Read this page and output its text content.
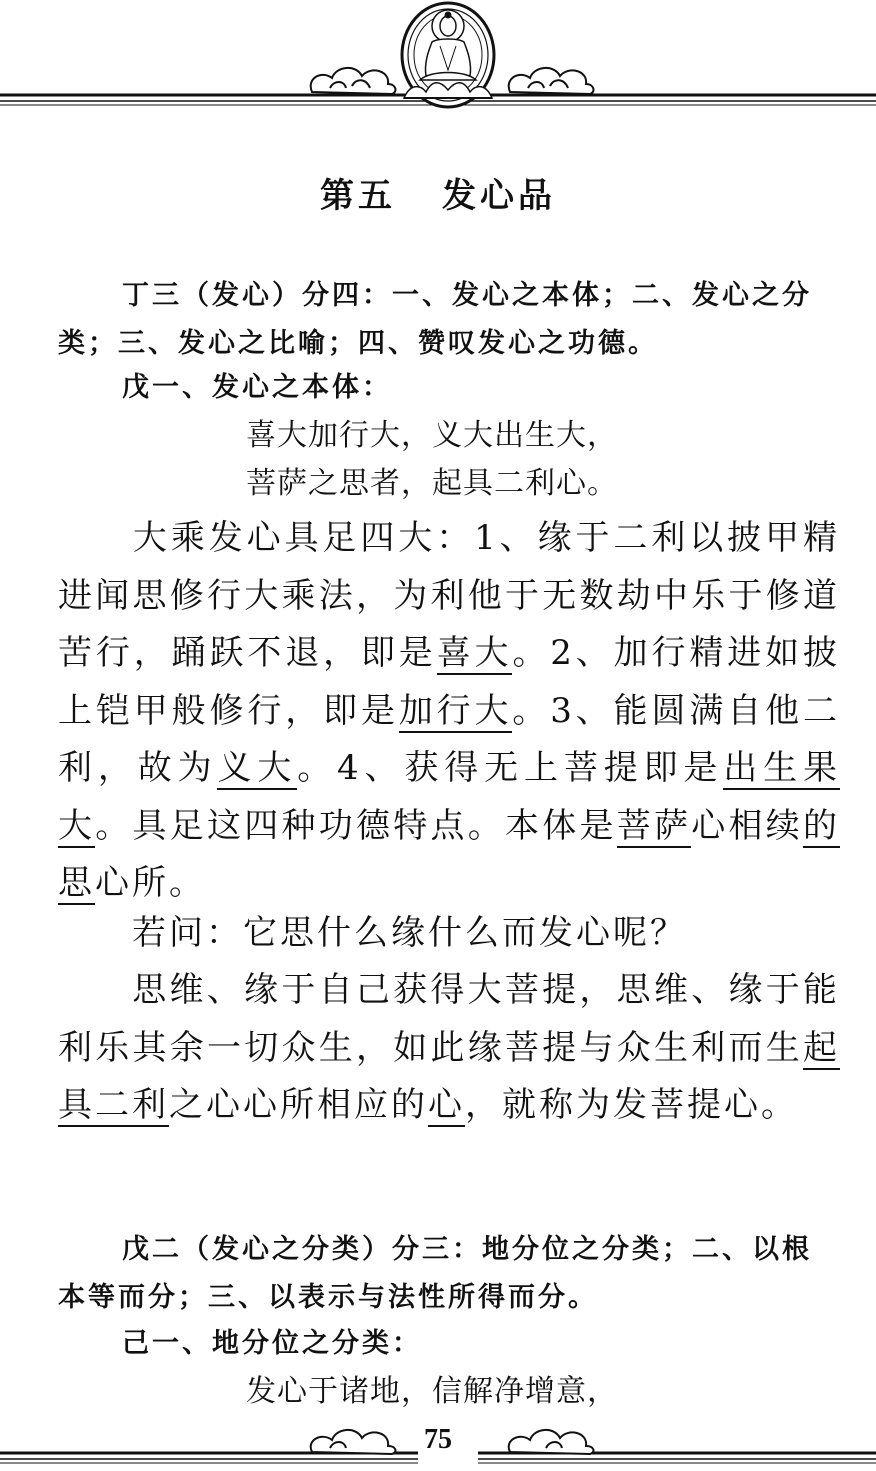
第五 发心品
丁三（发心）分四：一、发心之本体；二、发心之分类；三、发心之比喻；四、赞叹发心之功德。
戊一、发心之本体：
喜大加行大，义大出生大，
菩萨之思者，起具二利心。
大乘发心具足四大：1、缘于二利以披甲精进闻思修行大乘法，为利他于无数劫中乐于修道苦行，踊跃不退，即是喜大。2、加行精进如披上铠甲般修行，即是加行大。3、能圆满自他二利，故为义大。4、获得无上菩提即是出生果大。具足这四种功德特点。本体是菩萨心相续的思心所。
若问：它思什么缘什么而发心呢？
思维、缘于自己获得大菩提，思维、缘于能利乐其余一切众生，如此缘菩提与众生利而生起具二利之心心所相应的心，就称为发菩提心。
戊二（发心之分类）分三：地分位之分类；二、以根本等而分；三、以表示与法性所得而分。
己一、地分位之分类：
发心于诸地，信解净增意，
75
